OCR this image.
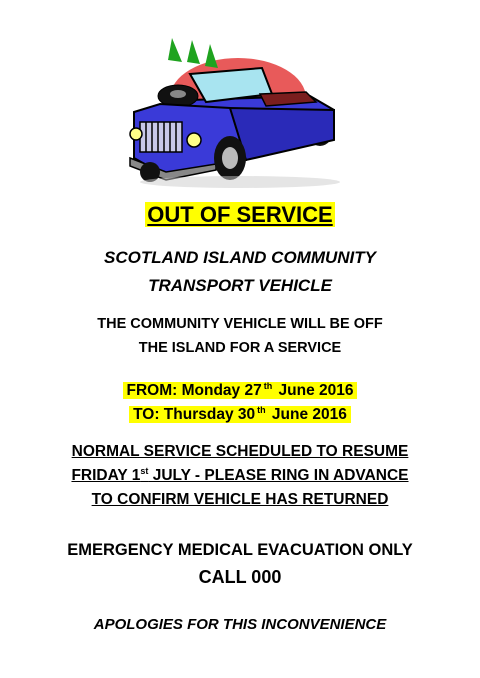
OUT OF SERVICE
SCOTLAND ISLAND COMMUNITY
TRANSPORT VEHICLE
THE COMMUNITY VEHICLE WILL BE OFF
THE ISLAND FOR A SERVICE
FROM: Monday 27 $^{th}$ June 2016
TO: Thursday 30 $^{th}$ June 2016
NORMAL SERVICE SCHEDULED TO RESUME
FRIDAY 1st JULY - PLEASE RING IN ADVANCE
TO CONFIRM VEHICLE HAS RETURNED
EMERGENCY MEDICAL EVACUATION ONLY
CALL 000
APOLOGIES FOR THIS INCONVENIENCE
